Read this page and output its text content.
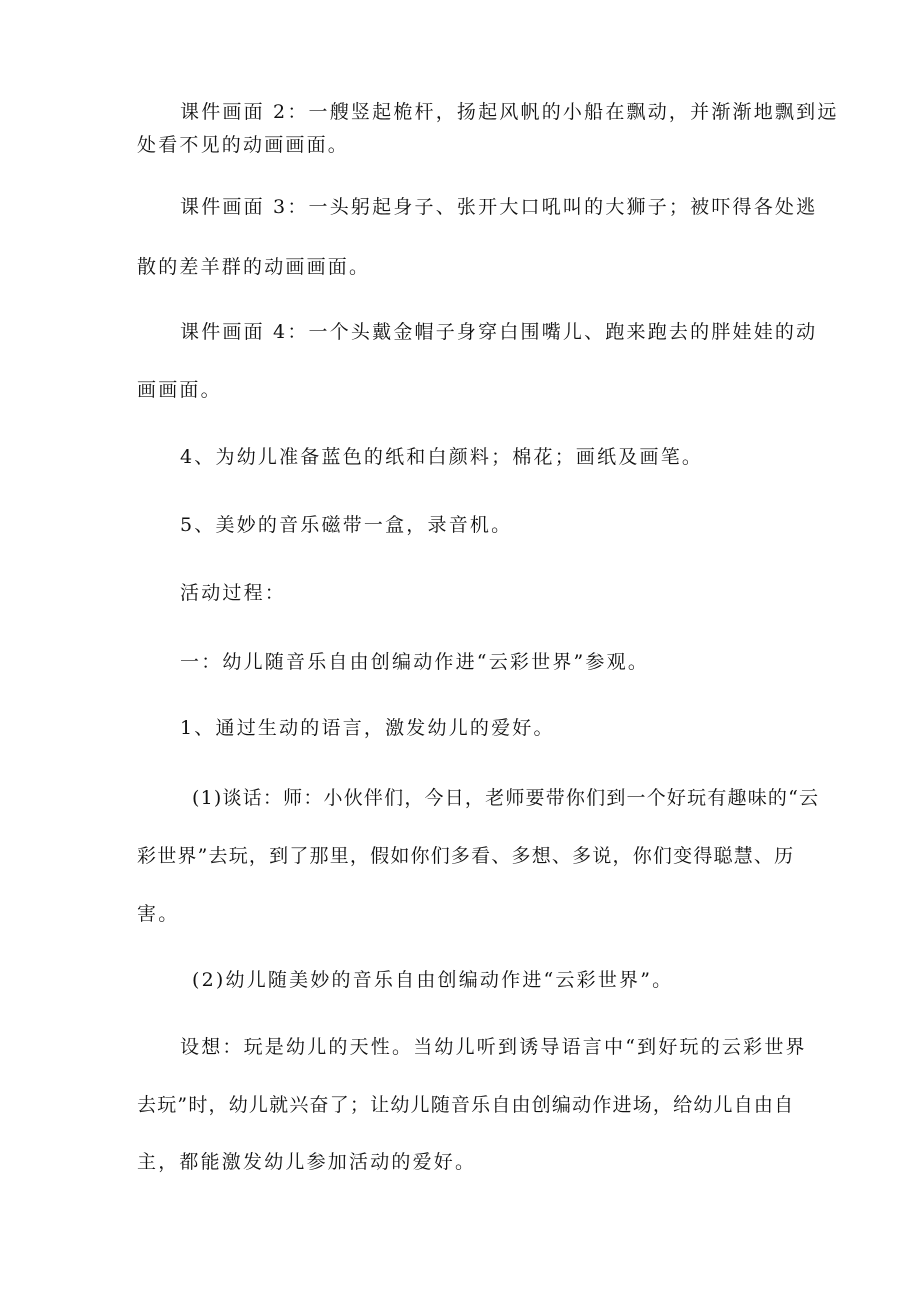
课件画面 2：一艘竖起桅杆，扬起风帆的小船在飘动，并渐渐地飘到远
处看不见的动画画面。
课件画面 3：一头躬起身子、张开大口吼叫的大狮子；被吓得各处逃
散的差羊群的动画画面。
课件画面 4：一个头戴金帽子身穿白围嘴儿、跑来跑去的胖娃娃的动
画画面。
4、为幼儿准备蓝色的纸和白颜料；棉花；画纸及画笔。
5、美妙的音乐磁带一盒，录音机。
活动过程：
一：幼儿随音乐自由创编动作进“云彩世界”参观。
1、通过生动的语言，激发幼儿的爱好。
(1)谈话：师：小伙伴们，今日，老师要带你们到一个好玩有趣味的“云
彩世界”去玩，到了那里，假如你们多看、多想、多说，你们变得聪慧、历
害。
(2)幼儿随美妙的音乐自由创编动作进“云彩世界”。
设想：玩是幼儿的天性。当幼儿听到诱导语言中“到好玩的云彩世界
去玩”时，幼儿就兴奋了；让幼儿随音乐自由创编动作进场，给幼儿自由自
主，都能激发幼儿参加活动的爱好。
